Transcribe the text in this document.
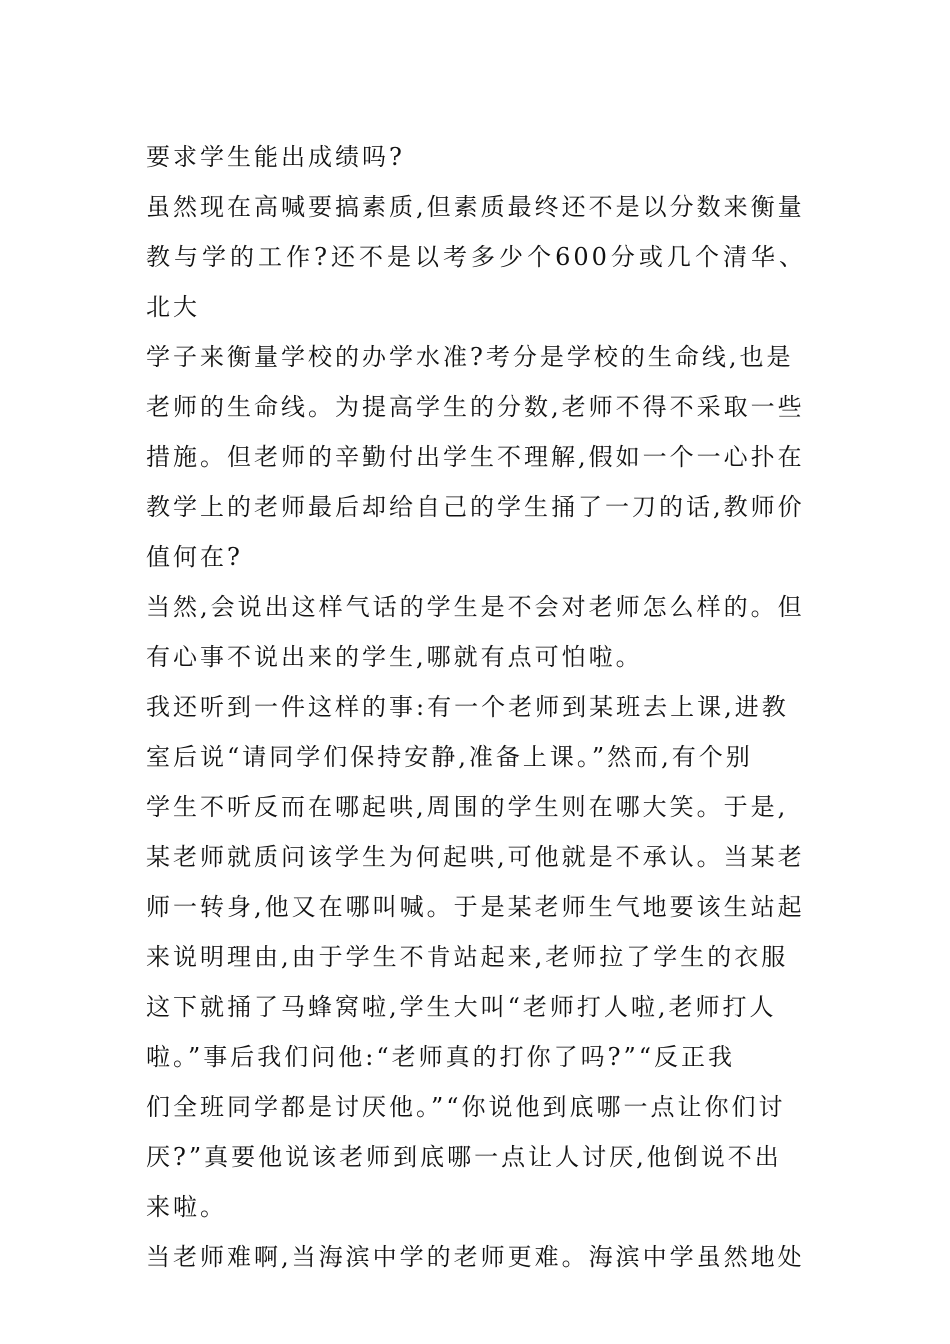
要求学生能出成绩吗?

虽然现在高喊要搞素质,但素质最终还不是以分数来衡量
教与学的工作?还不是以考多少个600分或几个清华、北大
学子来衡量学校的办学水准?考分是学校的生命线,也是
老师的生命线。为提高学生的分数,老师不得不采取一些
措施。但老师的辛勤付出学生不理解,假如一个一心扑在
教学上的老师最后却给自己的学生捅了一刀的话,教师价
值何在?

当然,会说出这样气话的学生是不会对老师怎么样的。但
有心事不说出来的学生,哪就有点可怕啦。

我还听到一件这样的事:有一个老师到某班去上课,进教
室后说“请同学们保持安静,准备上课。”然而,有个别
学生不听反而在哪起哄,周围的学生则在哪大笑。于是,
某老师就质问该学生为何起哄,可他就是不承认。当某老
师一转身,他又在哪叫喊。于是某老师生气地要该生站起
来说明理由,由于学生不肯站起来,老师拉了学生的衣服
这下就捅了马蜂窝啦,学生大叫“老师打人啦,老师打人
啦。”事后我们问他:“老师真的打你了吗?”“反正我
们全班同学都是讨厌他。”“你说他到底哪一点让你们讨
厌?”真要他说该老师到底哪一点让人讨厌,他倒说不出
来啦。

当老师难啊,当海滨中学的老师更难。海滨中学虽然地处
